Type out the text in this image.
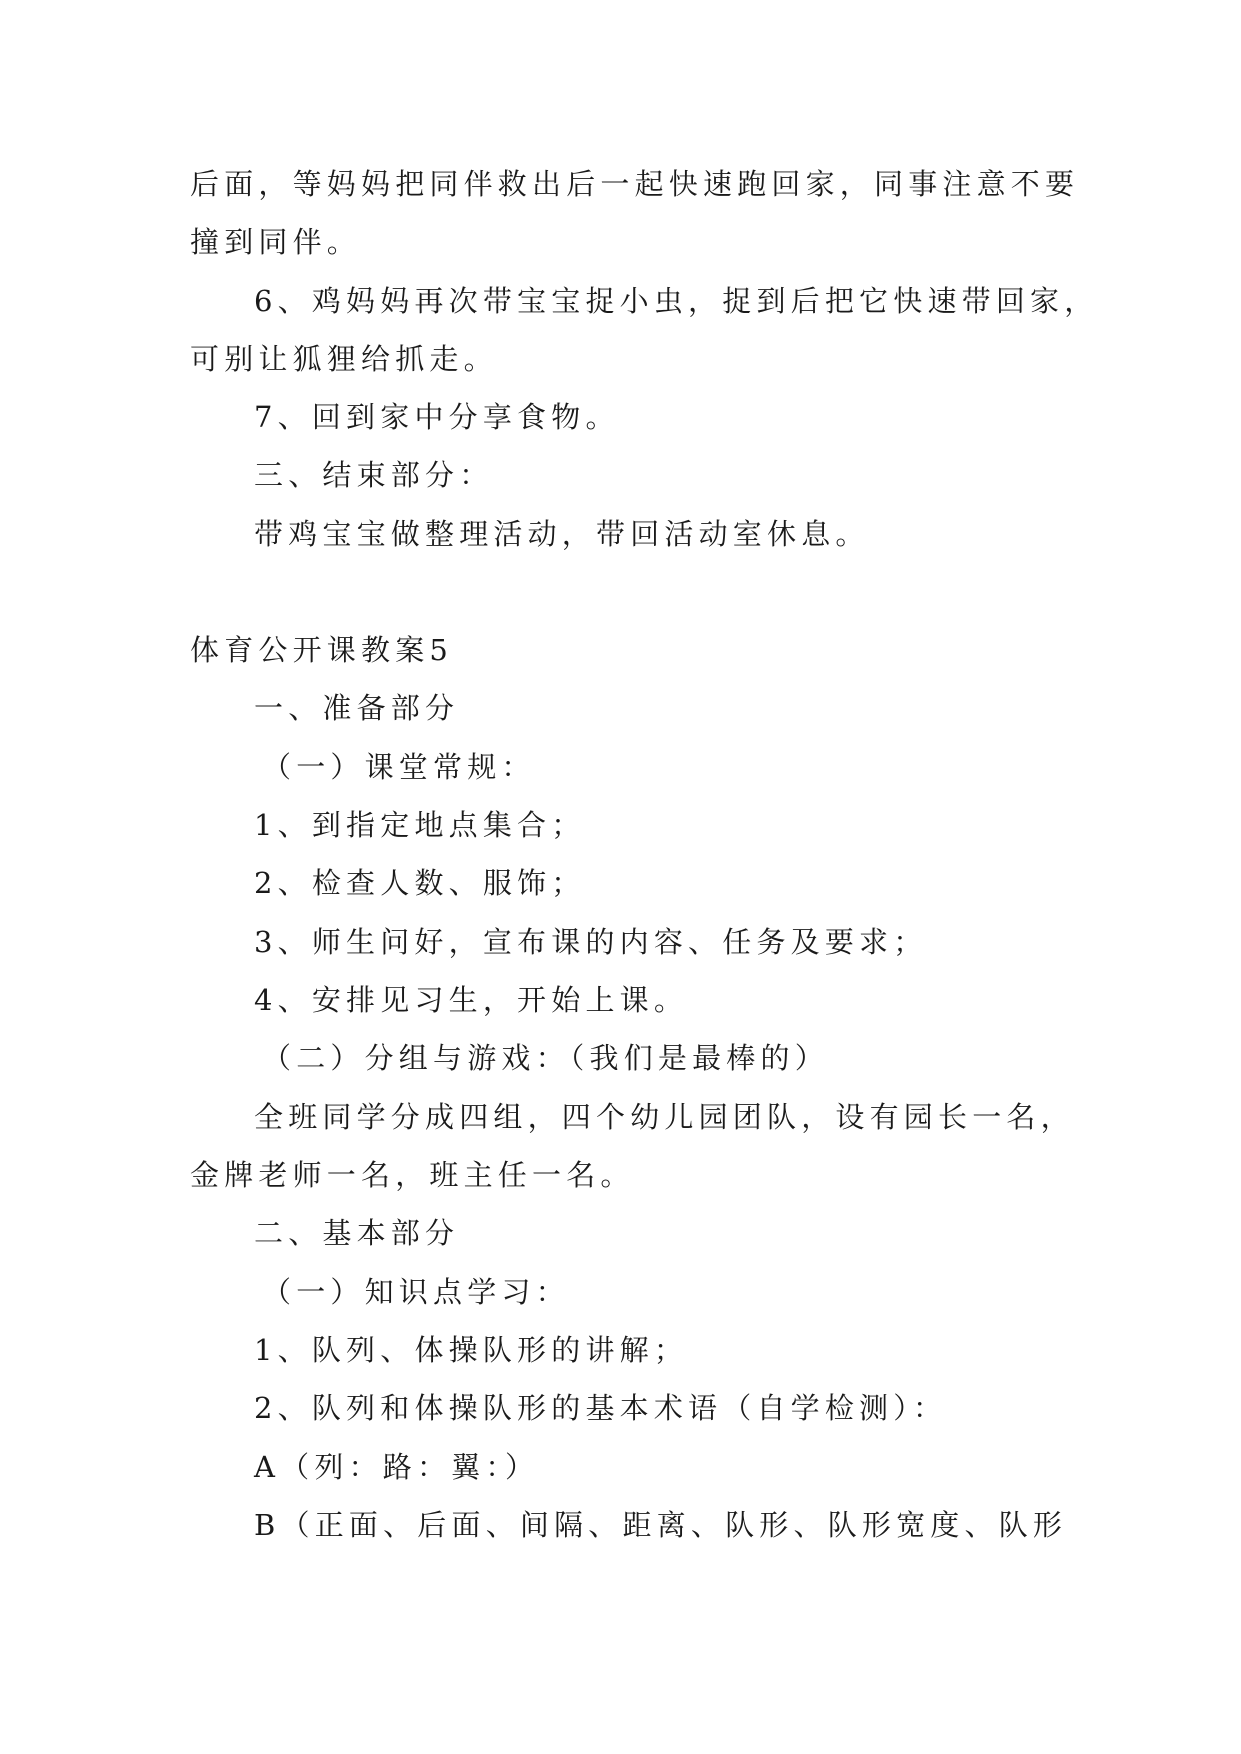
后面，等妈妈把同伴救出后一起快速跑回家，同事注意不要
撞到同伴。
6、鸡妈妈再次带宝宝捉小虫，捉到后把它快速带回家，
可别让狐狸给抓走。
7、回到家中分享食物。
三、结束部分：
带鸡宝宝做整理活动，带回活动室休息。
体育公开课教案5
一、准备部分
（一）课堂常规：
1、到指定地点集合；
2、检查人数、服饰；
3、师生问好，宣布课的内容、任务及要求；
4、安排见习生，开始上课。
（二）分组与游戏：（我们是最棒的）
全班同学分成四组，四个幼儿园团队，设有园长一名，
金牌老师一名，班主任一名。
二、基本部分
（一）知识点学习：
1、队列、体操队形的讲解；
2、队列和体操队形的基本术语（自学检测）：
A（列：路：翼：）
B（正面、后面、间隔、距离、队形、队形宽度、队形
